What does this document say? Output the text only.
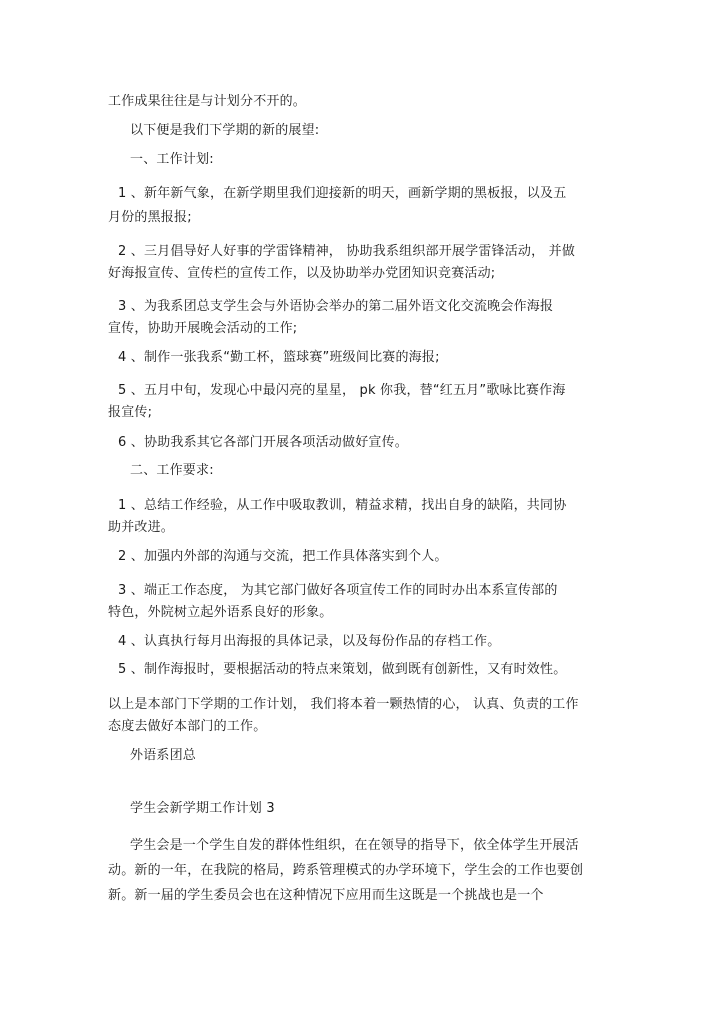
工作成果往往是与计划分不开的。
以下便是我们下学期的新的展望:
一、工作计划:
1 、新年新气象，在新学期里我们迎接新的明天，画新学期的黑板报，以及五
月份的黑报报;
2 、三月倡导好人好事的学雷锋精神， 协助我系组织部开展学雷锋活动， 并做
好海报宣传、宣传栏的宣传工作，以及协助举办党团知识竞赛活动;
3 、为我系团总支学生会与外语协会举办的第二届外语文化交流晚会作海报
宣传，协助开展晚会活动的工作;
4 、制作一张我系“勤工杯，篮球赛”班级间比赛的海报;
5 、五月中旬，发现心中最闪亮的星星， pk 你我，替“红五月”歌咏比赛作海
报宣传;
6 、协助我系其它各部门开展各项活动做好宣传。
二、工作要求:
1 、总结工作经验，从工作中吸取教训，精益求精，找出自身的缺陷，共同协
助并改进。
2 、加强内外部的沟通与交流，把工作具体落实到个人。
3 、端正工作态度， 为其它部门做好各项宣传工作的同时办出本系宣传部的
特色，外院树立起外语系良好的形象。
4 、认真执行每月出海报的具体记录，以及每份作品的存档工作。
5 、制作海报时，要根据活动的特点来策划，做到既有创新性，又有时效性。
以上是本部门下学期的工作计划， 我们将本着一颗热情的心， 认真、负责的工作
态度去做好本部门的工作。
外语系团总
学生会新学期工作计划 3
学生会是一个学生自发的群体性组织，在在领导的指导下，依全体学生开展活
动。新的一年，在我院的格局，跨系管理模式的办学环境下，学生会的工作也要创
新。新一届的学生委员会也在这种情况下应用而生这既是一个挑战也是一个
